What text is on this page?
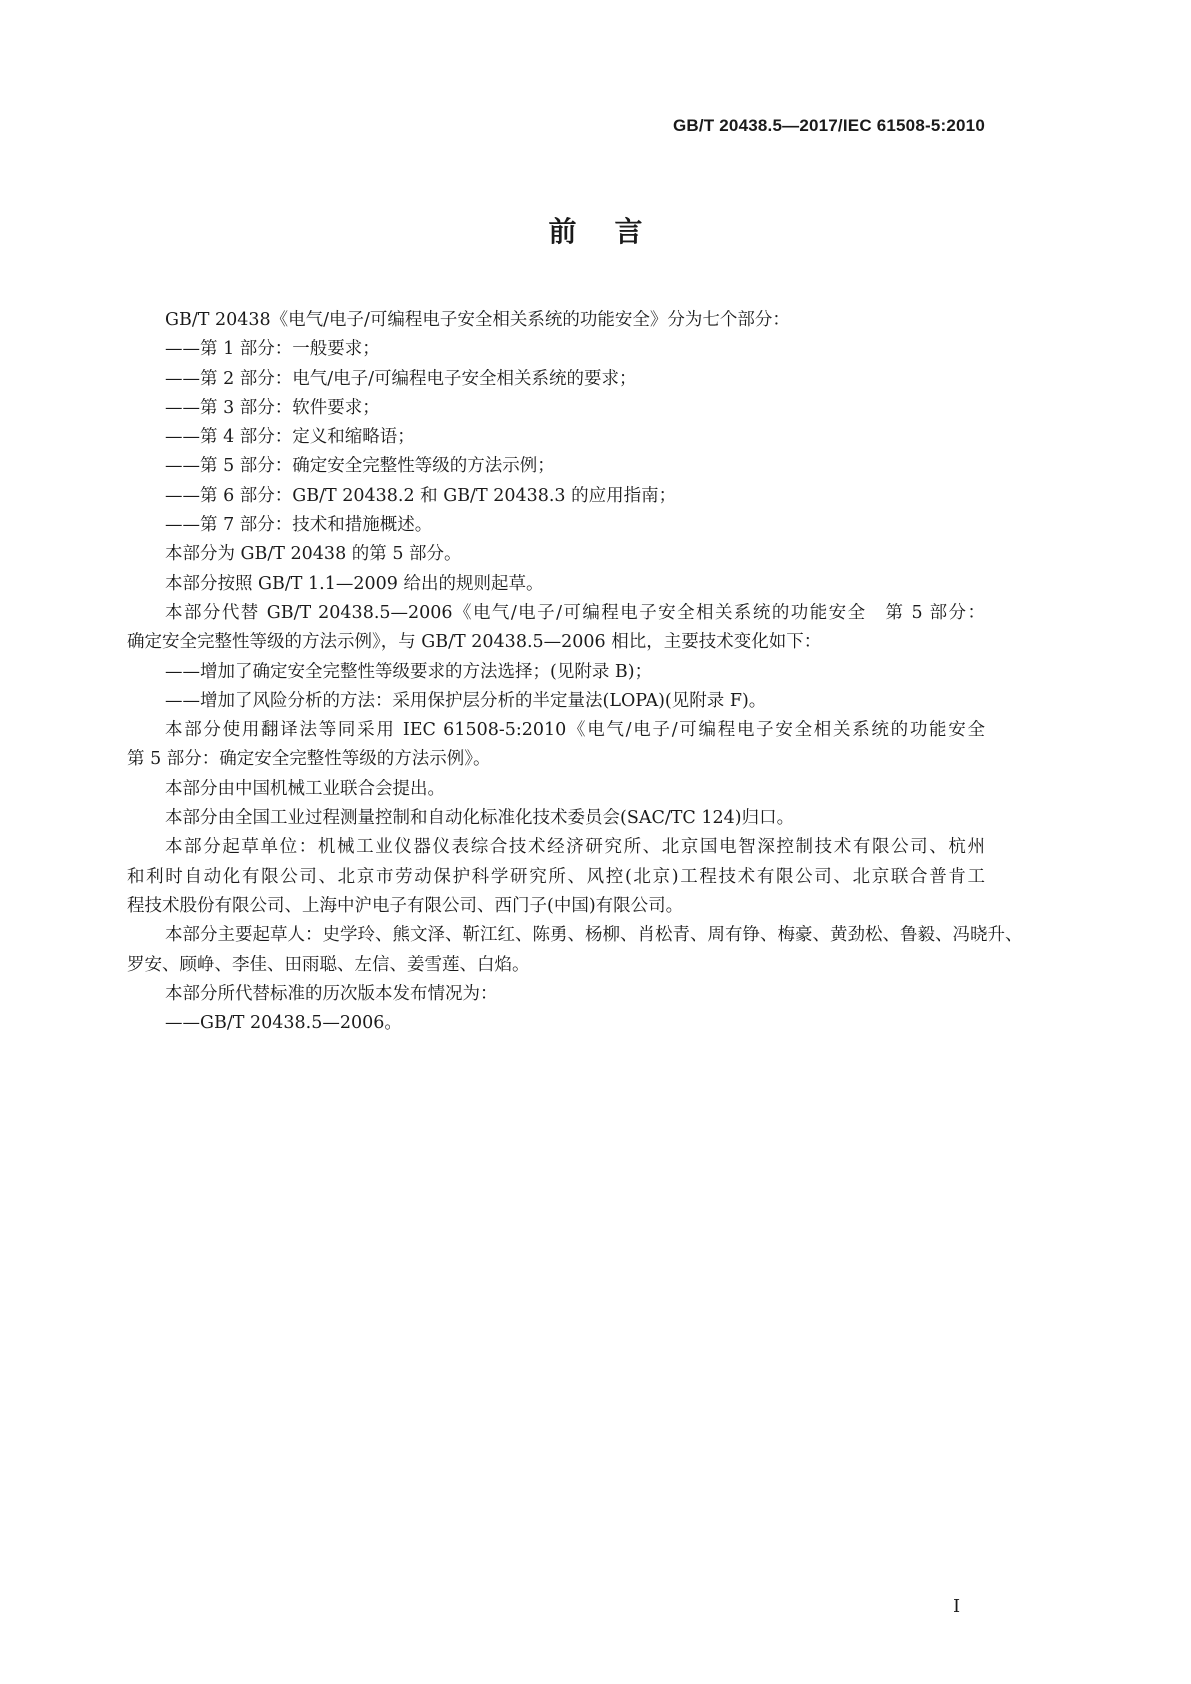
GB/T 20438.5—2017/IEC 61508-5:2010
前言
GB/T 20438《电气/电子/可编程电子安全相关系统的功能安全》分为七个部分：
——第 1 部分：一般要求；
——第 2 部分：电气/电子/可编程电子安全相关系统的要求；
——第 3 部分：软件要求；
——第 4 部分：定义和缩略语；
——第 5 部分：确定安全完整性等级的方法示例；
——第 6 部分：GB/T 20438.2 和 GB/T 20438.3 的应用指南；
——第 7 部分：技术和措施概述。
本部分为 GB/T 20438 的第 5 部分。
本部分按照 GB/T 1.1—2009 给出的规则起草。
本部分代替 GB/T 20438.5—2006《电气/电子/可编程电子安全相关系统的功能安全　第 5 部分：
确定安全完整性等级的方法示例》，与 GB/T 20438.5—2006 相比，主要技术变化如下：
——增加了确定安全完整性等级要求的方法选择；(见附录 B)；
——增加了风险分析的方法：采用保护层分析的半定量法(LOPA)(见附录 F)。
本部分使用翻译法等同采用 IEC 61508-5:2010《电气/电子/可编程电子安全相关系统的功能安全
第 5 部分：确定安全完整性等级的方法示例》。
本部分由中国机械工业联合会提出。
本部分由全国工业过程测量控制和自动化标准化技术委员会(SAC/TC 124)归口。
本部分起草单位：机械工业仪器仪表综合技术经济研究所、北京国电智深控制技术有限公司、杭州
和利时自动化有限公司、北京市劳动保护科学研究所、风控(北京)工程技术有限公司、北京联合普肯工
程技术股份有限公司、上海中沪电子有限公司、西门子(中国)有限公司。
本部分主要起草人：史学玲、熊文泽、靳江红、陈勇、杨柳、肖松青、周有铮、梅豪、黄劲松、鲁毅、冯晓升、
罗安、顾峥、李佳、田雨聪、左信、姜雪莲、白焰。
本部分所代替标准的历次版本发布情况为：
——GB/T 20438.5—2006。
I
